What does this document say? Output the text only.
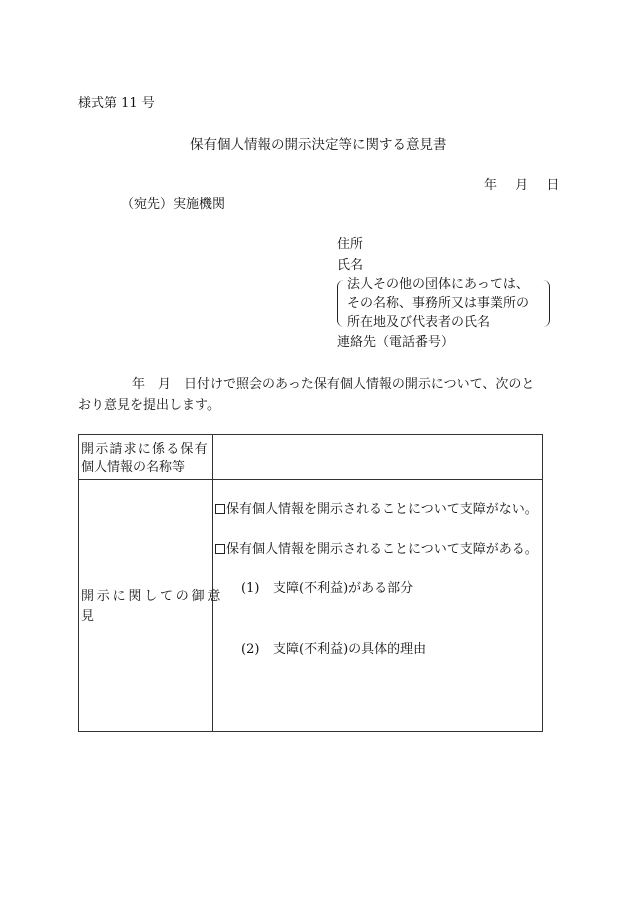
様式第 11 号
保有個人情報の開示決定等に関する意見書
年 月 日
（宛先）実施機関
住所
氏名
法人その他の団体にあっては、
その名称、事務所又は事業所の
所在地及び代表者の氏名
連絡先（電話番号）
年　月　日付けで照会のあった保有個人情報の開示について、次のと
おり意見を提出します。
開示請求に係る保有
個人情報の名称等
開示に関しての御意
見
保有個人情報を開示されることについて支障がない。
保有個人情報を開示されることについて支障がある。
(1) 支障(不利益)がある部分
(2) 支障(不利益)の具体的理由
